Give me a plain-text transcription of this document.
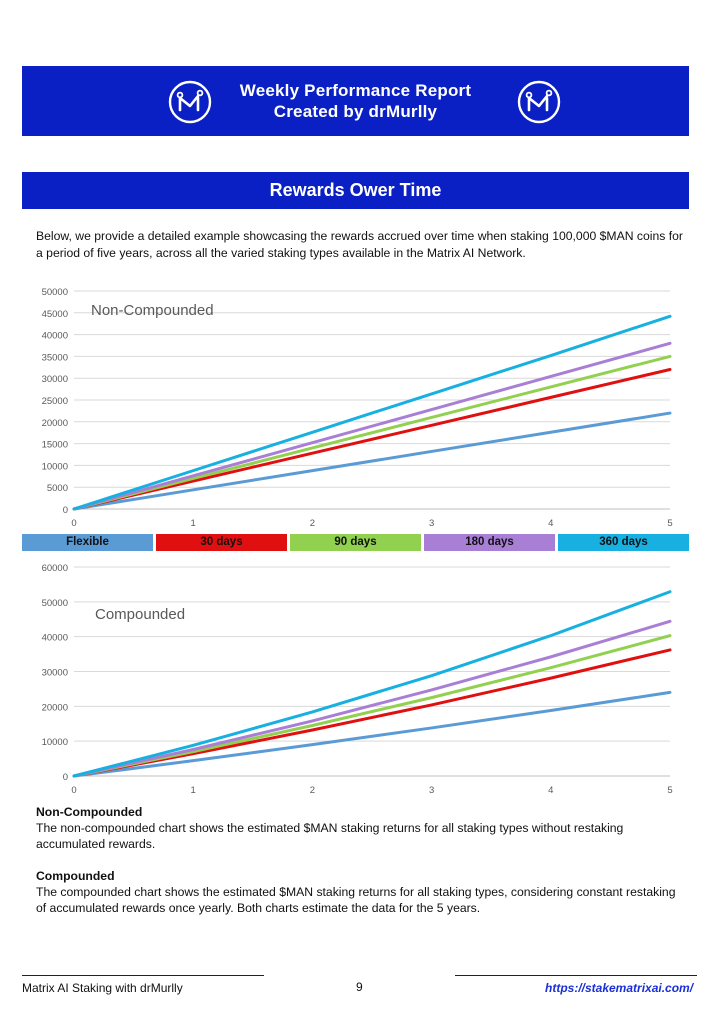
Weekly Performance Report
Created by drMurlly
Rewards Ower Time
Below, we provide a detailed example showcasing the rewards accrued over time when staking 100,000 $MAN coins for a period of five years, across all the varied staking types available in the Matrix AI Network.
0
5000
10000
15000
20000
25000
30000
35000
40000
45000
50000
0	1	2	3	4	5
Non-Compounded
Flexible	30 days	90 days	180 days	360 days
0
10000
20000
30000
40000
50000
60000
0	1	2	3	4	5
Compounded

Non-Compounded

The non-compounded chart shows the estimated $MAN staking returns for all staking types without restaking accumulated rewards.

Compounded

The compounded chart shows the estimated $MAN staking returns for all staking types, considering constant restaking of accumulated rewards once yearly. Both charts estimate the data for the 5 years.

Matrix AI Staking with drMurlly	9	https://stakematrixai.com/
